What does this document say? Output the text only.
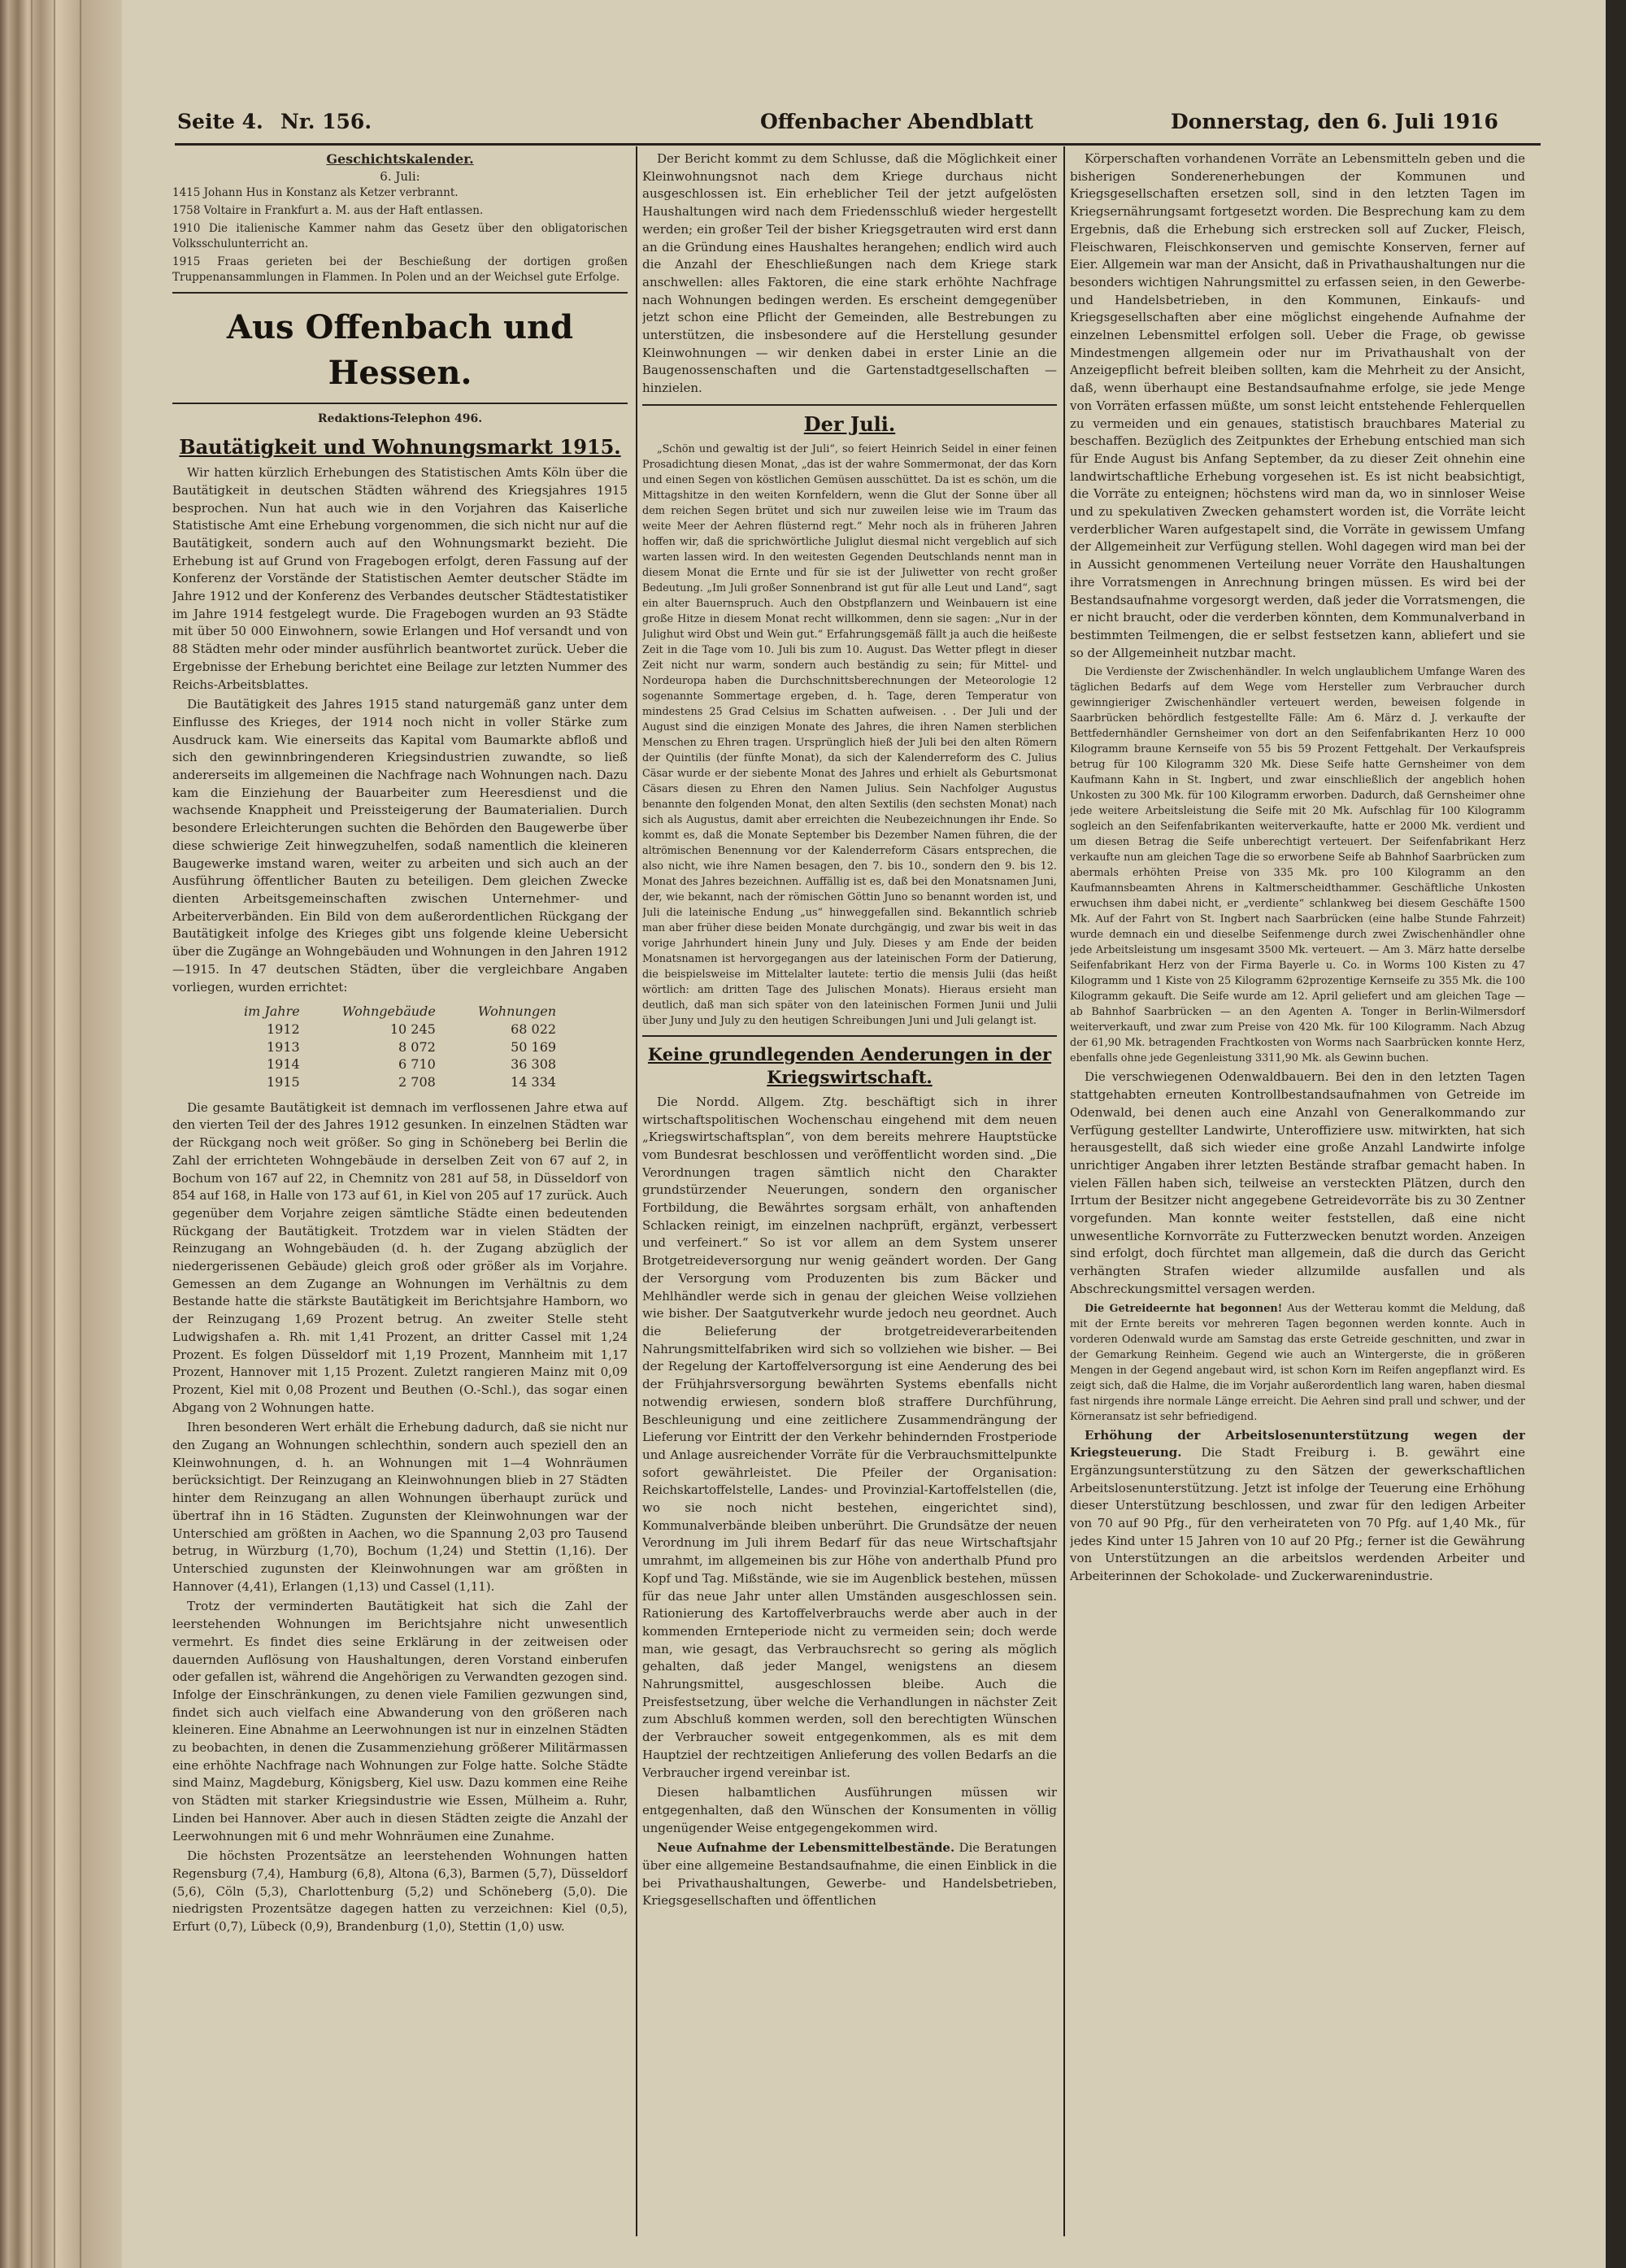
Seite 4. Nr. 156.	Offenbacher Abendblatt	Donnerstag, den 6. Juli 1916
Geschichtskalender.
6. Juli:

1415 Johann Hus in Konstanz als Ketzer verbrannt.

1758 Voltaire in Frankfurt a. M. aus der Haft entlassen.

1910 Die italienische Kammer nahm das Gesetz über den obligatorischen Volksschulunterricht an.

1915 Fraas gerieten bei der Beschießung der dortigen großen Truppenansammlungen in Flammen. In Polen und an der Weichsel gute Erfolge.

Aus Offenbach und Hessen.
Redaktions-Telephon 496.
Bautätigkeit und Wohnungsmarkt 1915.

Wir hatten kürzlich Erhebungen des Statistischen Amts Köln über die Bautätigkeit in deutschen Städten während des Kriegsjahres 1915 besprochen. Nun hat auch wie in den Vorjahren das Kaiserliche Statistische Amt eine Erhebung vorgenommen, die sich nicht nur auf die Bautätigkeit, sondern auch auf den Wohnungsmarkt bezieht. Die Erhebung ist auf Grund von Fragebogen erfolgt, deren Fassung auf der Konferenz der Vorstände der Statistischen Aemter deutscher Städte im Jahre 1912 und der Konferenz des Verbandes deutscher Städtestatistiker im Jahre 1914 festgelegt wurde. Die Fragebogen wurden an 93 Städte mit über 50 000 Einwohnern, sowie Erlangen und Hof versandt und von 88 Städten mehr oder minder ausführlich beantwortet zurück. Ueber die Ergebnisse der Erhebung berichtet eine Beilage zur letzten Nummer des Reichs-Arbeitsblattes.

Die Bautätigkeit des Jahres 1915 stand naturgemäß ganz unter dem Einflusse des Krieges, der 1914 noch nicht in voller Stärke zum Ausdruck kam. Wie einerseits das Kapital vom Baumarkte abfloß und sich den gewinnbringenderen Kriegsindustrien zuwandte, so ließ andererseits im allgemeinen die Nachfrage nach Wohnungen nach. Dazu kam die Einziehung der Bauarbeiter zum Heeresdienst und die wachsende Knappheit und Preissteigerung der Baumaterialien. Durch besondere Erleichterungen suchten die Behörden den Baugewerbe über diese schwierige Zeit hinwegzuhelfen, sodaß namentlich die kleineren Baugewerke imstand waren, weiter zu arbeiten und sich auch an der Ausführung öffentlicher Bauten zu beteiligen. Dem gleichen Zwecke dienten Arbeitsgemeinschaften zwischen Unternehmer- und Arbeiterverbänden. Ein Bild von dem außerordentlichen Rückgang der Bautätigkeit infolge des Krieges gibt uns folgende kleine Uebersicht über die Zugänge an Wohngebäuden und Wohnungen in den Jahren 1912—1915. In 47 deutschen Städten, über die vergleichbare Angaben vorliegen, wurden errichtet:

im Jahre	Wohngebäude	Wohnungen
1912	10 245	68 022
1913	8 072	50 169
1914	6 710	36 308
1915	2 708	14 334

Die gesamte Bautätigkeit ist demnach im verflossenen Jahre etwa auf den vierten Teil der des Jahres 1912 gesunken. In einzelnen Städten war der Rückgang noch weit größer. So ging in Schöneberg bei Berlin die Zahl der errichteten Wohngebäude in derselben Zeit von 67 auf 2, in Bochum von 167 auf 22, in Chemnitz von 281 auf 58, in Düsseldorf von 854 auf 168, in Halle von 173 auf 61, in Kiel von 205 auf 17 zurück. Auch gegenüber dem Vorjahre zeigen sämtliche Städte einen bedeutenden Rückgang der Bautätigkeit. Trotzdem war in vielen Städten der Reinzugang an Wohngebäuden (d. h. der Zugang abzüglich der niedergerissenen Gebäude) gleich groß oder größer als im Vorjahre. Gemessen an dem Zugange an Wohnungen im Verhältnis zu dem Bestande hatte die stärkste Bautätigkeit im Berichtsjahre Hamborn, wo der Reinzugang 1,69 Prozent betrug. An zweiter Stelle steht Ludwigshafen a. Rh. mit 1,41 Prozent, an dritter Cassel mit 1,24 Prozent. Es folgen Düsseldorf mit 1,19 Prozent, Mannheim mit 1,17 Prozent, Hannover mit 1,15 Prozent. Zuletzt rangieren Mainz mit 0,09 Prozent, Kiel mit 0,08 Prozent und Beuthen (O.-Schl.), das sogar einen Abgang von 2 Wohnungen hatte.

Ihren besonderen Wert erhält die Erhebung dadurch, daß sie nicht nur den Zugang an Wohnungen schlechthin, sondern auch speziell den an Kleinwohnungen, d. h. an Wohnungen mit 1—4 Wohnräumen berücksichtigt. Der Reinzugang an Kleinwohnungen blieb in 27 Städten hinter dem Reinzugang an allen Wohnungen überhaupt zurück und übertraf ihn in 16 Städten. Zugunsten der Kleinwohnungen war der Unterschied am größten in Aachen, wo die Spannung 2,03 pro Tausend betrug, in Würzburg (1,70), Bochum (1,24) und Stettin (1,16). Der Unterschied zugunsten der Kleinwohnungen war am größten in Hannover (4,41), Erlangen (1,13) und Cassel (1,11).

Trotz der verminderten Bautätigkeit hat sich die Zahl der leerstehenden Wohnungen im Berichtsjahre nicht unwesentlich vermehrt. Es findet dies seine Erklärung in der zeitweisen oder dauernden Auflösung von Haushaltungen, deren Vorstand einberufen oder gefallen ist, während die Angehörigen zu Verwandten gezogen sind. Infolge der Einschränkungen, zu denen viele Familien gezwungen sind, findet sich auch vielfach eine Abwanderung von den größeren nach kleineren. Eine Abnahme an Leerwohnungen ist nur in einzelnen Städten zu beobachten, in denen die Zusammenziehung größerer Militärmassen eine erhöhte Nachfrage nach Wohnungen zur Folge hatte. Solche Städte sind Mainz, Magdeburg, Königsberg, Kiel usw. Dazu kommen eine Reihe von Städten mit starker Kriegsindustrie wie Essen, Mülheim a. Ruhr, Linden bei Hannover. Aber auch in diesen Städten zeigte die Anzahl der Leerwohnungen mit 6 und mehr Wohnräumen eine Zunahme.

Die höchsten Prozentsätze an leerstehenden Wohnungen hatten Regensburg (7,4), Hamburg (6,8), Altona (6,3), Barmen (5,7), Düsseldorf (5,6), Cöln (5,3), Charlottenburg (5,2) und Schöneberg (5,0). Die niedrigsten Prozentsätze dagegen hatten zu verzeichnen: Kiel (0,5), Erfurt (0,7), Lübeck (0,9), Brandenburg (1,0), Stettin (1,0) usw.

Der Bericht kommt zu dem Schlusse, daß die Möglichkeit einer Kleinwohnungsnot nach dem Kriege durchaus nicht ausgeschlossen ist. Ein erheblicher Teil der jetzt aufgelösten Haushaltungen wird nach dem Friedensschluß wieder hergestellt werden; ein großer Teil der bisher Kriegsgetrauten wird erst dann an die Gründung eines Haushaltes herangehen; endlich wird auch die Anzahl der Eheschließungen nach dem Kriege stark anschwellen: alles Faktoren, die eine stark erhöhte Nachfrage nach Wohnungen bedingen werden. Es erscheint demgegenüber jetzt schon eine Pflicht der Gemeinden, alle Bestrebungen zu unterstützen, die insbesondere auf die Herstellung gesunder Kleinwohnungen — wir denken dabei in erster Linie an die Baugenossenschaften und die Gartenstadtgesellschaften — hinzielen.

Der Juli.

„Schön und gewaltig ist der Juli“, so feiert Heinrich Seidel in einer feinen Prosadichtung diesen Monat, „das ist der wahre Sommermonat, der das Korn und einen Segen von köstlichen Gemüsen ausschüttet. Da ist es schön, um die Mittagshitze in den weiten Kornfeldern, wenn die Glut der Sonne über all dem reichen Segen brütet und sich nur zuweilen leise wie im Traum das weite Meer der Aehren flüsternd regt.“ Mehr noch als in früheren Jahren hoffen wir, daß die sprichwörtliche Juliglut diesmal nicht vergeblich auf sich warten lassen wird. In den weitesten Gegenden Deutschlands nennt man in diesem Monat die Ernte und für sie ist der Juliwetter von recht großer Bedeutung. „Im Juli großer Sonnenbrand ist gut für alle Leut und Land“, sagt ein alter Bauernspruch. Auch den Obstpflanzern und Weinbauern ist eine große Hitze in diesem Monat recht willkommen, denn sie sagen: „Nur in der Julighut wird Obst und Wein gut.“ Erfahrungsgemäß fällt ja auch die heißeste Zeit in die Tage vom 10. Juli bis zum 10. August. Das Wetter pflegt in dieser Zeit nicht nur warm, sondern auch beständig zu sein; für Mittel- und Nordeuropa haben die Durchschnittsberechnungen der Meteorologie 12 sogenannte Sommertage ergeben, d. h. Tage, deren Temperatur von mindestens 25 Grad Celsius im Schatten aufweisen. . . Der Juli und der August sind die einzigen Monate des Jahres, die ihren Namen sterblichen Menschen zu Ehren tragen. Ursprünglich hieß der Juli bei den alten Römern der Quintilis (der fünfte Monat), da sich der Kalenderreform des C. Julius Cäsar wurde er der siebente Monat des Jahres und erhielt als Geburtsmonat Cäsars diesen zu Ehren den Namen Julius. Sein Nachfolger Augustus benannte den folgenden Monat, den alten Sextilis (den sechsten Monat) nach sich als Augustus, damit aber erreichten die Neubezeichnungen ihr Ende. So kommt es, daß die Monate September bis Dezember Namen führen, die der altrömischen Benennung vor der Kalenderreform Cäsars entsprechen, die also nicht, wie ihre Namen besagen, den 7. bis 10., sondern den 9. bis 12. Monat des Jahres bezeichnen. Auffällig ist es, daß bei den Monatsnamen Juni, der, wie bekannt, nach der römischen Göttin Juno so benannt worden ist, und Juli die lateinische Endung „us“ hinweggefallen sind. Bekanntlich schrieb man aber früher diese beiden Monate durchgängig, und zwar bis weit in das vorige Jahrhundert hinein Juny und July. Dieses y am Ende der beiden Monatsnamen ist hervorgegangen aus der lateinischen Form der Datierung, die beispielsweise im Mittelalter lautete: tertio die mensis Julii (das heißt wörtlich: am dritten Tage des Julischen Monats). Hieraus ersieht man deutlich, daß man sich später von den lateinischen Formen Junii und Julii über Juny und July zu den heutigen Schreibungen Juni und Juli gelangt ist.

Keine grundlegenden Aenderungen in der Kriegswirtschaft.

Die Nordd. Allgem. Ztg. beschäftigt sich in ihrer wirtschaftspolitischen Wochenschau eingehend mit dem neuen „Kriegswirtschaftsplan“, von dem bereits mehrere Hauptstücke vom Bundesrat beschlossen und veröffentlicht worden sind. „Die Verordnungen tragen sämtlich nicht den Charakter grundstürzender Neuerungen, sondern den organischer Fortbildung, die Bewährtes sorgsam erhält, von anhaftenden Schlacken reinigt, im einzelnen nachprüft, ergänzt, verbessert und verfeinert.“ So ist vor allem an dem System unserer Brotgetreideversorgung nur wenig geändert worden. Der Gang der Versorgung vom Produzenten bis zum Bäcker und Mehlhändler werde sich in genau der gleichen Weise vollziehen wie bisher. Der Saatgutverkehr wurde jedoch neu geordnet. Auch die Belieferung der brotgetreideverarbeitenden Nahrungsmittelfabriken wird sich so vollziehen wie bisher. — Bei der Regelung der Kartoffelversorgung ist eine Aenderung des bei der Frühjahrsversorgung bewährten Systems ebenfalls nicht notwendig erwiesen, sondern bloß straffere Durchführung, Beschleunigung und eine zeitlichere Zusammendrängung der Lieferung vor Eintritt der den Verkehr behindernden Frostperiode und Anlage ausreichender Vorräte für die Verbrauchsmittelpunkte sofort gewährleistet. Die Pfeiler der Organisation: Reichskartoffelstelle, Landes- und Provinzial-Kartoffelstellen (die, wo sie noch nicht bestehen, eingerichtet sind), Kommunalverbände bleiben unberührt. Die Grundsätze der neuen Verordnung im Juli ihrem Bedarf für das neue Wirtschaftsjahr umrahmt, im allgemeinen bis zur Höhe von anderthalb Pfund pro Kopf und Tag. Mißstände, wie sie im Augenblick bestehen, müssen für das neue Jahr unter allen Umständen ausgeschlossen sein. Rationierung des Kartoffelverbrauchs werde aber auch in der kommenden Ernteperiode nicht zu vermeiden sein; doch werde man, wie gesagt, das Verbrauchsrecht so gering als möglich gehalten, daß jeder Mangel, wenigstens an diesem Nahrungsmittel, ausgeschlossen bleibe. Auch die Preisfestsetzung, über welche die Verhandlungen in nächster Zeit zum Abschluß kommen werden, soll den berechtigten Wünschen der Verbraucher soweit entgegenkommen, als es mit dem Hauptziel der rechtzeitigen Anlieferung des vollen Bedarfs an die Verbraucher irgend vereinbar ist.

Diesen halbamtlichen Ausführungen müssen wir entgegenhalten, daß den Wünschen der Konsumenten in völlig ungenügender Weise entgegengekommen wird.

Neue Aufnahme der Lebensmittelbestände. Die Beratungen über eine allgemeine Bestandsaufnahme, die einen Einblick in die bei Privathaushaltungen, Gewerbe- und Handelsbetrieben, Kriegsgesellschaften und öffentlichen

Körperschaften vorhandenen Vorräte an Lebensmitteln geben und die bisherigen Sonderenerhebungen der Kommunen und Kriegsgesellschaften ersetzen soll, sind in den letzten Tagen im Kriegsernährungsamt fortgesetzt worden. Die Besprechung kam zu dem Ergebnis, daß die Erhebung sich erstrecken soll auf Zucker, Fleisch, Fleischwaren, Fleischkonserven und gemischte Konserven, ferner auf Eier. Allgemein war man der Ansicht, daß in Privathaushaltungen nur die besonders wichtigen Nahrungsmittel zu erfassen seien, in den Gewerbe- und Handelsbetrieben, in den Kommunen, Einkaufs- und Kriegsgesellschaften aber eine möglichst eingehende Aufnahme der einzelnen Lebensmittel erfolgen soll. Ueber die Frage, ob gewisse Mindestmengen allgemein oder nur im Privathaushalt von der Anzeigepflicht befreit bleiben sollten, kam die Mehrheit zu der Ansicht, daß, wenn überhaupt eine Bestandsaufnahme erfolge, sie jede Menge von Vorräten erfassen müßte, um sonst leicht entstehende Fehlerquellen zu vermeiden und ein genaues, statistisch brauchbares Material zu beschaffen. Bezüglich des Zeitpunktes der Erhebung entschied man sich für Ende August bis Anfang September, da zu dieser Zeit ohnehin eine landwirtschaftliche Erhebung vorgesehen ist. Es ist nicht beabsichtigt, die Vorräte zu enteignen; höchstens wird man da, wo in sinnloser Weise und zu spekulativen Zwecken gehamstert worden ist, die Vorräte leicht verderblicher Waren aufgestapelt sind, die Vorräte in gewissem Umfang der Allgemeinheit zur Verfügung stellen. Wohl dagegen wird man bei der in Aussicht genommenen Verteilung neuer Vorräte den Haushaltungen ihre Vorratsmengen in Anrechnung bringen müssen. Es wird bei der Bestandsaufnahme vorgesorgt werden, daß jeder die Vorratsmengen, die er nicht braucht, oder die verderben könnten, dem Kommunalverband in bestimmten Teilmengen, die er selbst festsetzen kann, abliefert und sie so der Allgemeinheit nutzbar macht.

Die Verdienste der Zwischenhändler. In welch unglaublichem Umfange Waren des täglichen Bedarfs auf dem Wege vom Hersteller zum Verbraucher durch gewinngieriger Zwischenhändler verteuert werden, beweisen folgende in Saarbrücken behördlich festgestellte Fälle: Am 6. März d. J. verkaufte der Bettfedernhändler Gernsheimer von dort an den Seifenfabrikanten Herz 10 000 Kilogramm braune Kernseife von 55 bis 59 Prozent Fettgehalt. Der Verkaufspreis betrug für 100 Kilogramm 320 Mk. Diese Seife hatte Gernsheimer von dem Kaufmann Kahn in St. Ingbert, und zwar einschließlich der angeblich hohen Unkosten zu 300 Mk. für 100 Kilogramm erworben. Dadurch, daß Gernsheimer ohne jede weitere Arbeitsleistung die Seife mit 20 Mk. Aufschlag für 100 Kilogramm sogleich an den Seifenfabrikanten weiterverkaufte, hatte er 2000 Mk. verdient und um diesen Betrag die Seife unberechtigt verteuert. Der Seifenfabrikant Herz verkaufte nun am gleichen Tage die so erworbene Seife ab Bahnhof Saarbrücken zum abermals erhöhten Preise von 335 Mk. pro 100 Kilogramm an den Kaufmannsbeamten Ahrens in Kaltmerscheidthammer. Geschäftliche Unkosten erwuchsen ihm dabei nicht, er „verdiente“ schlankweg bei diesem Geschäfte 1500 Mk. Auf der Fahrt von St. Ingbert nach Saarbrücken (eine halbe Stunde Fahrzeit) wurde demnach ein und dieselbe Seifenmenge durch zwei Zwischenhändler ohne jede Arbeitsleistung um insgesamt 3500 Mk. verteuert. — Am 3. März hatte derselbe Seifenfabrikant Herz von der Firma Bayerle u. Co. in Worms 100 Kisten zu 47 Kilogramm und 1 Kiste von 25 Kilogramm 62prozentige Kernseife zu 355 Mk. die 100 Kilogramm gekauft. Die Seife wurde am 12. April geliefert und am gleichen Tage — ab Bahnhof Saarbrücken — an den Agenten A. Tonger in Berlin-Wilmersdorf weiterverkauft, und zwar zum Preise von 420 Mk. für 100 Kilogramm. Nach Abzug der 61,90 Mk. betragenden Frachtkosten von Worms nach Saarbrücken konnte Herz, ebenfalls ohne jede Gegenleistung 3311,90 Mk. als Gewinn buchen.

Die verschwiegenen Odenwaldbauern. Bei den in den letzten Tagen stattgehabten erneuten Kontrollbestandsaufnahmen von Getreide im Odenwald, bei denen auch eine Anzahl von Generalkommando zur Verfügung gestellter Landwirte, Unteroffiziere usw. mitwirkten, hat sich herausgestellt, daß sich wieder eine große Anzahl Landwirte infolge unrichtiger Angaben ihrer letzten Bestände strafbar gemacht haben. In vielen Fällen haben sich, teilweise an versteckten Plätzen, durch den Irrtum der Besitzer nicht angegebene Getreidevorräte bis zu 30 Zentner vorgefunden. Man konnte weiter feststellen, daß eine nicht unwesentliche Kornvorräte zu Futterzwecken benutzt worden. Anzeigen sind erfolgt, doch fürchtet man allgemein, daß die durch das Gericht verhängten Strafen wieder allzumilde ausfallen und als Abschreckungsmittel versagen werden.

Die Getreideernte hat begonnen! Aus der Wetterau kommt die Meldung, daß mit der Ernte bereits vor mehreren Tagen begonnen werden konnte. Auch in vorderen Odenwald wurde am Samstag das erste Getreide geschnitten, und zwar in der Gemarkung Reinheim. Gegend wie auch an Wintergerste, die in größeren Mengen in der Gegend angebaut wird, ist schon Korn im Reifen angepflanzt wird. Es zeigt sich, daß die Halme, die im Vorjahr außerordentlich lang waren, haben diesmal fast nirgends ihre normale Länge erreicht. Die Aehren sind prall und schwer, und der Körneransatz ist sehr befriedigend.

Erhöhung der Arbeitslosenunterstützung wegen der Kriegsteuerung. Die Stadt Freiburg i. B. gewährt eine Ergänzungsunterstützung zu den Sätzen der gewerkschaftlichen Arbeitslosenunterstützung. Jetzt ist infolge der Teuerung eine Erhöhung dieser Unterstützung beschlossen, und zwar für den ledigen Arbeiter von 70 auf 90 Pfg., für den verheirateten von 70 Pfg. auf 1,40 Mk., für jedes Kind unter 15 Jahren von 10 auf 20 Pfg.; ferner ist die Gewährung von Unterstützungen an die arbeitslos werdenden Arbeiter und Arbeiterinnen der Schokolade- und Zuckerwarenindustrie.
